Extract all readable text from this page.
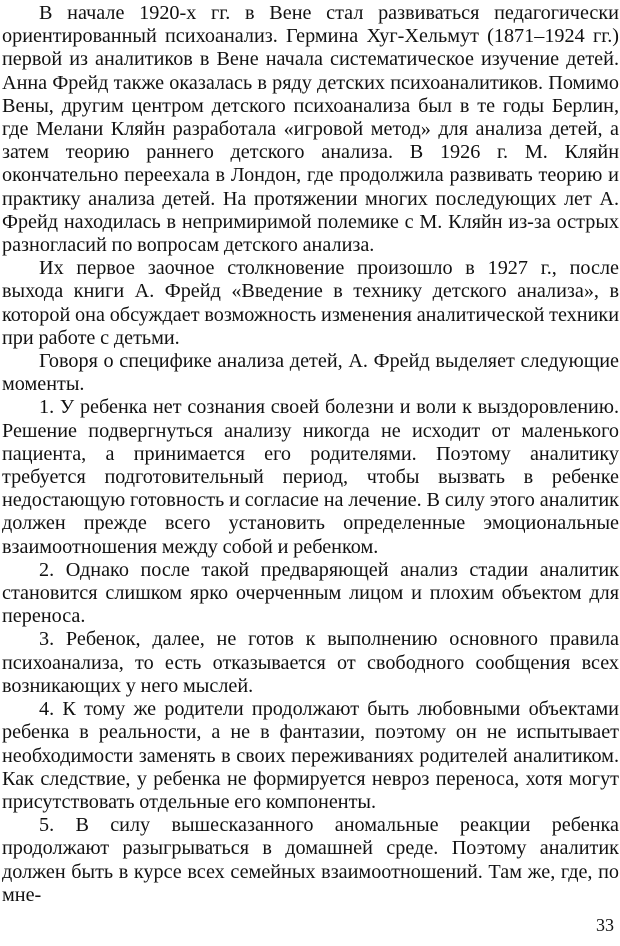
В начале 1920-х гг. в Вене стал развиваться педагогически ориентированный психоанализ. Гермина Хуг-Хельмут (1871–1924 гг.) первой из аналитиков в Вене начала систематическое изучение детей. Анна Фрейд также оказалась в ряду детских психоаналитиков. Помимо Вены, другим центром детского психоанализа был в те годы Берлин, где Мелани Кляйн разработала «игровой метод» для анализа детей, а затем теорию раннего детского анализа. В 1926 г. М. Кляйн окончательно переехала в Лондон, где продолжила развивать теорию и практику анализа детей. На протяжении многих последующих лет А. Фрейд находилась в непримиримой полемике с М. Кляйн из-за острых разногласий по вопросам детского анализа.

Их первое заочное столкновение произошло в 1927 г., после выхода книги А. Фрейд «Введение в технику детского анализа», в которой она обсуждает возможность изменения аналитической техники при работе с детьми.

Говоря о специфике анализа детей, А. Фрейд выделяет следующие моменты.

1. У ребенка нет сознания своей болезни и воли к выздоровлению. Решение подвергнуться анализу никогда не исходит от маленького пациента, а принимается его родителями. Поэтому аналитику требуется подготовительный период, чтобы вызвать в ребенке недостающую готовность и согласие на лечение. В силу этого аналитик должен прежде всего установить определенные эмоциональные взаимоотношения между собой и ребенком.

2. Однако после такой предваряющей анализ стадии аналитик становится слишком ярко очерченным лицом и плохим объектом для переноса.

3. Ребенок, далее, не готов к выполнению основного правила психоанализа, то есть отказывается от свободного сообщения всех возникающих у него мыслей.

4. К тому же родители продолжают быть любовными объектами ребенка в реальности, а не в фантазии, поэтому он не испытывает необходимости заменять в своих переживаниях родителей аналитиком. Как следствие, у ребенка не формируется невроз переноса, хотя могут присутствовать отдельные его компоненты.

5. В силу вышесказанного аномальные реакции ребенка продолжают разыгрываться в домашней среде. Поэтому аналитик должен быть в курсе всех семейных взаимоотношений. Там же, где, по мне-

33
